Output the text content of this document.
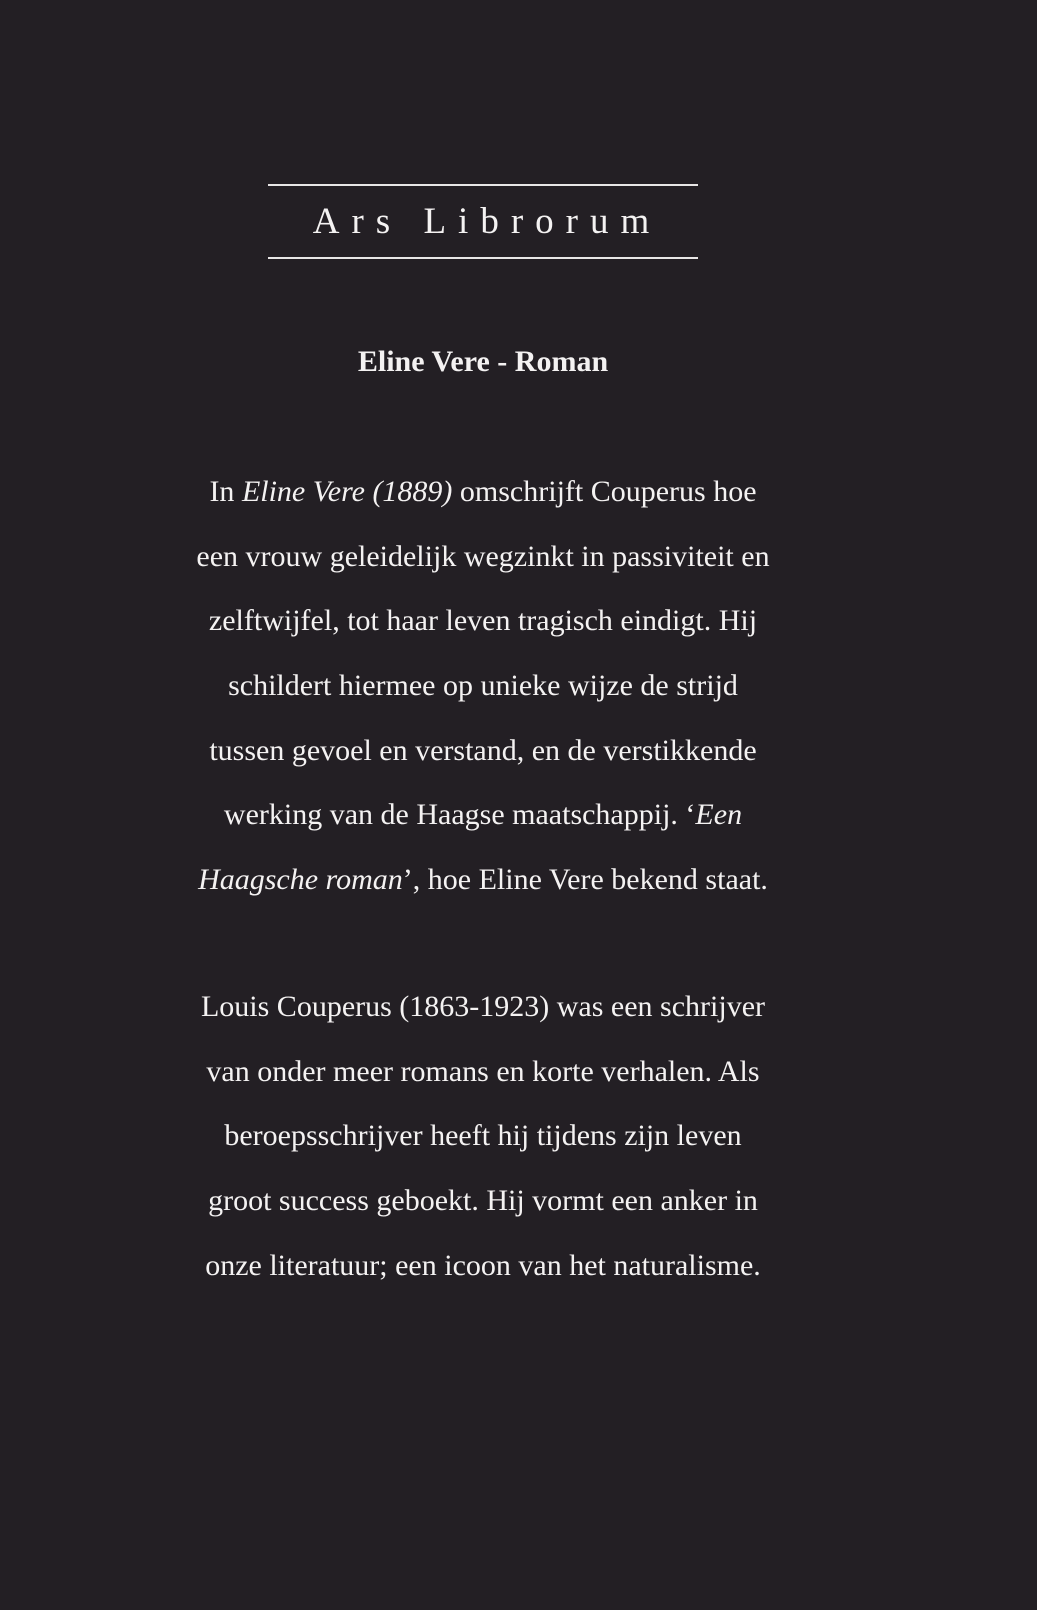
Ars Librorum
Eline Vere - Roman
In Eline Vere (1889) omschrijft Couperus hoe
een vrouw geleidelijk wegzinkt in passiviteit en
zelftwijfel, tot haar leven tragisch eindigt. Hij
schildert hiermee op unieke wijze de strijd
tussen gevoel en verstand, en de verstikkende
werking van de Haagse maatschappij. ‘Een
Haagsche roman’, hoe Eline Vere bekend staat.
Louis Couperus (1863-1923) was een schrijver
van onder meer romans en korte verhalen. Als
beroepsschrijver heeft hij tijdens zijn leven
groot success geboekt. Hij vormt een anker in
onze literatuur; een icoon van het naturalisme.
